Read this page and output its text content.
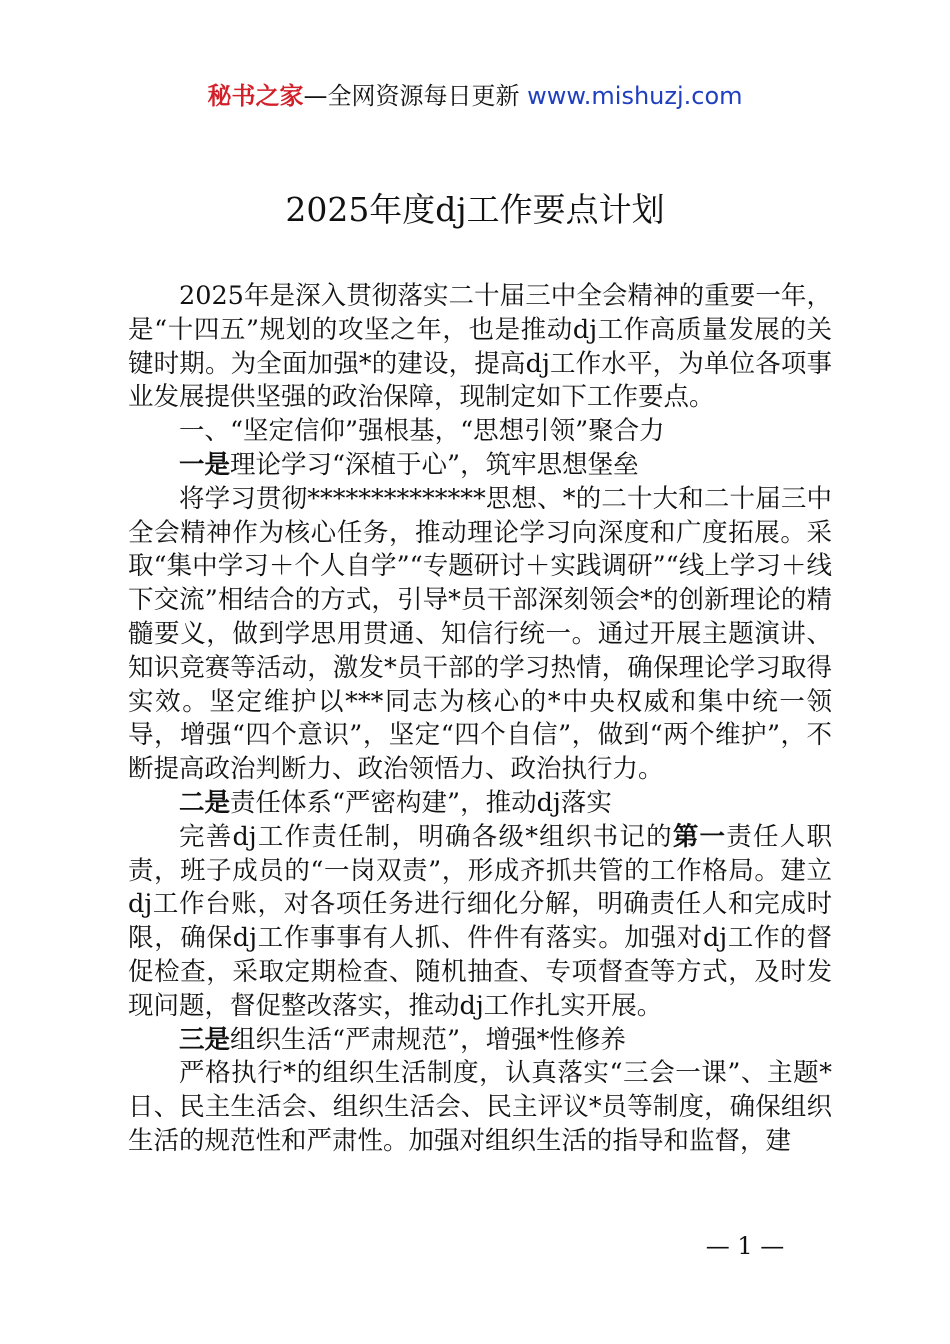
秘书之家—全网资源每日更新 www.mishuzj.com
2025年度dj工作要点计划

2025年是深入贯彻落实二十届三中全会精神的重要一年，是“十四五”规划的攻坚之年，也是推动dj工作高质量发展的关键时期。为全面加强*的建设，提高dj工作水平，为单位各项事业发展提供坚强的政治保障，现制定如下工作要点。

一、“坚定信仰”强根基，“思想引领”聚合力

一是理论学习“深植于心”，筑牢思想堡垒

将学习贯彻**************思想、*的二十大和二十届三中全会精神作为核心任务，推动理论学习向深度和广度拓展。采取“集中学习＋个人自学”“专题研讨＋实践调研”“线上学习＋线下交流”相结合的方式，引导*员干部深刻领会*的创新理论的精髓要义，做到学思用贯通、知信行统一。通过开展主题演讲、知识竞赛等活动，激发*员干部的学习热情，确保理论学习取得实效。坚定维护以***同志为核心的*中央权威和集中统一领导，增强“四个意识”，坚定“四个自信”，做到“两个维护”，不断提高政治判断力、政治领悟力、政治执行力。

二是责任体系“严密构建”，推动dj落实

完善dj工作责任制，明确各级*组织书记的第一责任人职责，班子成员的“一岗双责”，形成齐抓共管的工作格局。建立dj工作台账，对各项任务进行细化分解，明确责任人和完成时限，确保dj工作事事有人抓、件件有落实。加强对dj工作的督促检查，采取定期检查、随机抽查、专项督查等方式，及时发现问题，督促整改落实，推动dj工作扎实开展。

三是组织生活“严肃规范”，增强*性修养

严格执行*的组织生活制度，认真落实“三会一课”、主题*日、民主生活会、组织生活会、民主评议*员等制度，确保组织生活的规范性和严肃性。加强对组织生活的指导和监督，建

— 1 —
